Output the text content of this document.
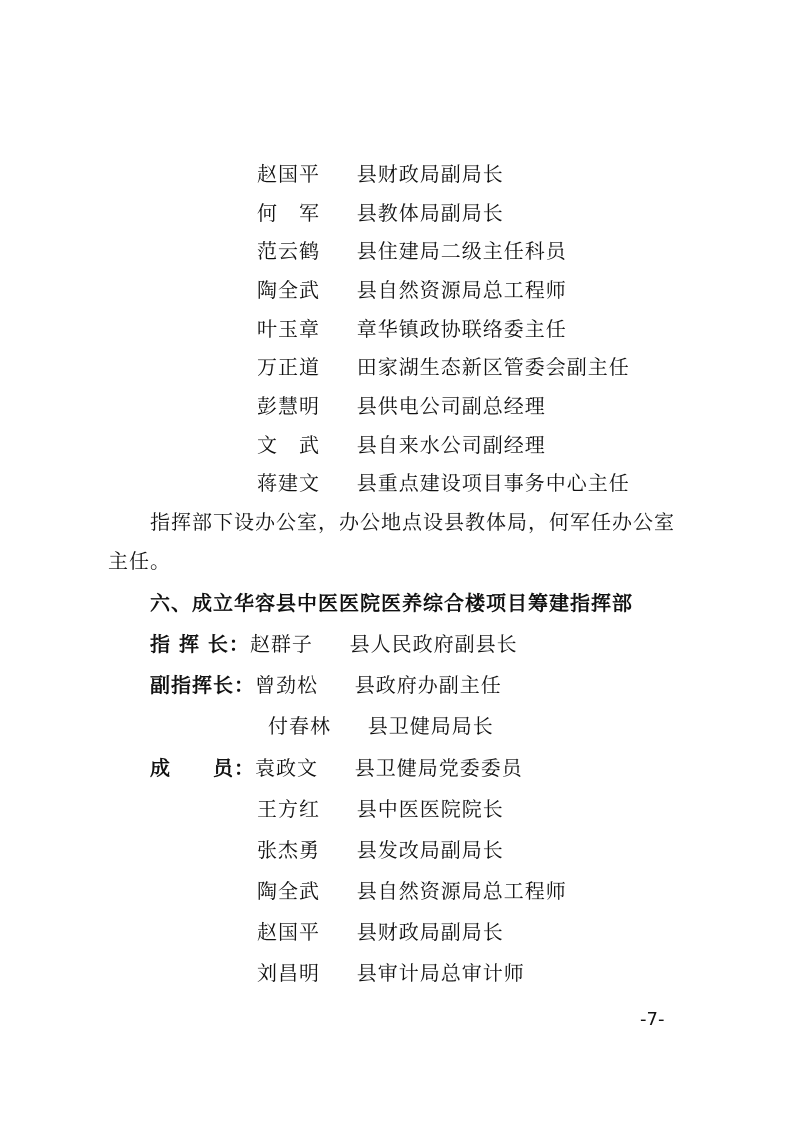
赵国平 县财政局副局长
何　军 县教体局副局长
范云鹤 县住建局二级主任科员
陶全武 县自然资源局总工程师
叶玉章 章华镇政协联络委主任
万正道 田家湖生态新区管委会副主任
彭慧明 县供电公司副总经理
文　武 县自来水公司副经理
蒋建文 县重点建设项目事务中心主任
指挥部下设办公室，办公地点设县教体局，何军任办公室
主任。
六、成立华容县中医医院医养综合楼项目筹建指挥部
指 挥 长：赵群子 县人民政府副县长
副指挥长：曾劲松 县政府办副主任
付春林 县卫健局局长
成　　员：袁政文 县卫健局党委委员
王方红 县中医医院院长
张杰勇 县发改局副局长
陶全武 县自然资源局总工程师
赵国平 县财政局副局长
刘昌明 县审计局总审计师
-7-
